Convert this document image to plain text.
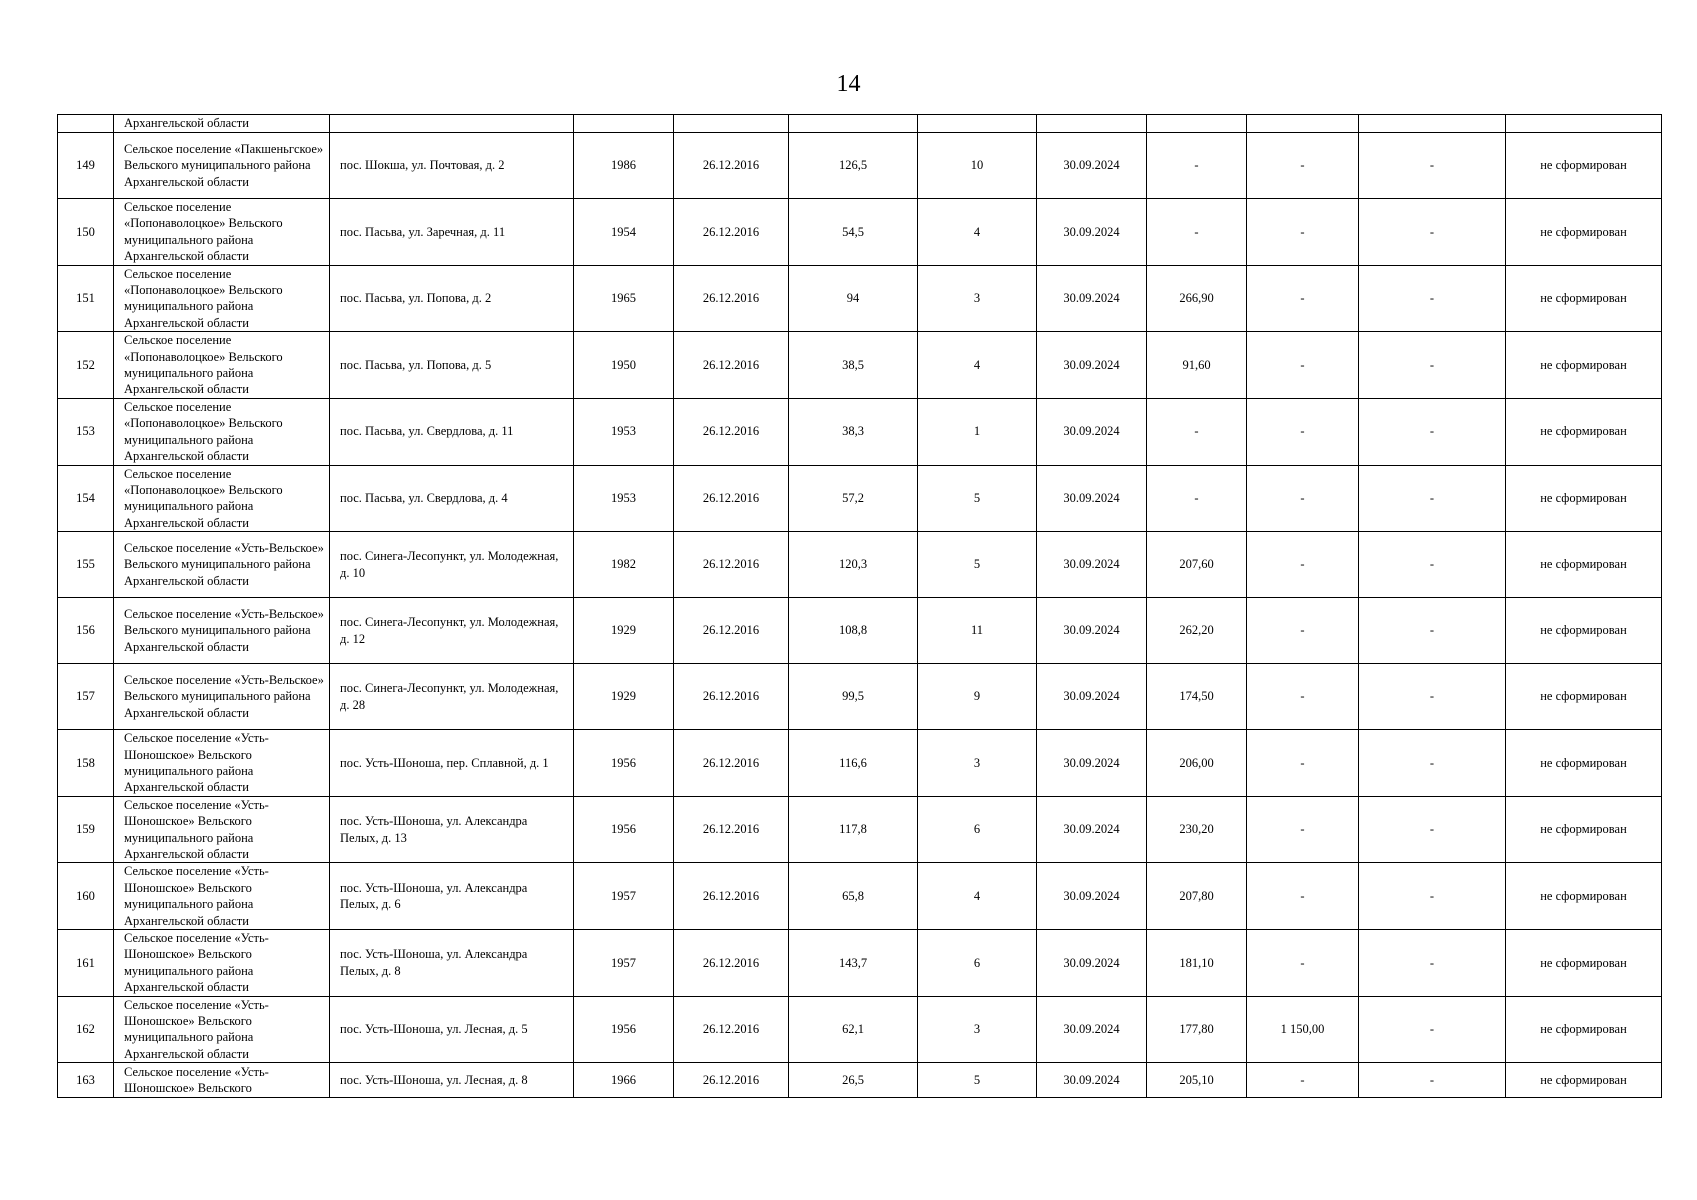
14

	Архангельской области										

149	Сельское поселение «Пакшеньгское» Вельского муниципального района Архангельской области	пос. Шокша, ул. Почтовая, д. 2	1986	26.12.2016	126,5	10	30.09.2024	-	-	-	не сформирован
150	Сельское поселение «Попонаволоцкое» Вельского муниципального района Архангельской области	пос. Пасьва, ул. Заречная, д. 11	1954	26.12.2016	54,5	4	30.09.2024	-	-	-	не сформирован
151	Сельское поселение «Попонаволоцкое» Вельского муниципального района Архангельской области	пос. Пасьва, ул. Попова, д. 2	1965	26.12.2016	94	3	30.09.2024	266,90	-	-	не сформирован
152	Сельское поселение «Попонаволоцкое» Вельского муниципального района Архангельской области	пос. Пасьва, ул. Попова, д. 5	1950	26.12.2016	38,5	4	30.09.2024	91,60	-	-	не сформирован
153	Сельское поселение «Попонаволоцкое» Вельского муниципального района Архангельской области	пос. Пасьва, ул. Свердлова, д. 11	1953	26.12.2016	38,3	1	30.09.2024	-	-	-	не сформирован
154	Сельское поселение «Попонаволоцкое» Вельского муниципального района Архангельской области	пос. Пасьва, ул. Свердлова, д. 4	1953	26.12.2016	57,2	5	30.09.2024	-	-	-	не сформирован
155	Сельское поселение «Усть-Вельское» Вельского муниципального района Архангельской области	пос. Синега-Лесопункт, ул. Молодежная, д. 10	1982	26.12.2016	120,3	5	30.09.2024	207,60	-	-	не сформирован
156	Сельское поселение «Усть-Вельское» Вельского муниципального района Архангельской области	пос. Синега-Лесопункт, ул. Молодежная, д. 12	1929	26.12.2016	108,8	11	30.09.2024	262,20	-	-	не сформирован
157	Сельское поселение «Усть-Вельское» Вельского муниципального района Архангельской области	пос. Синега-Лесопункт, ул. Молодежная, д. 28	1929	26.12.2016	99,5	9	30.09.2024	174,50	-	-	не сформирован
158	Сельское поселение «Усть-Шоношское» Вельского муниципального района Архангельской области	пос. Усть-Шоноша, пер. Сплавной, д. 1	1956	26.12.2016	116,6	3	30.09.2024	206,00	-	-	не сформирован
159	Сельское поселение «Усть-Шоношское» Вельского муниципального района Архангельской области	пос. Усть-Шоноша, ул. Александра Пелых, д. 13	1956	26.12.2016	117,8	6	30.09.2024	230,20	-	-	не сформирован
160	Сельское поселение «Усть-Шоношское» Вельского муниципального района Архангельской области	пос. Усть-Шоноша, ул. Александра Пелых, д. 6	1957	26.12.2016	65,8	4	30.09.2024	207,80	-	-	не сформирован
161	Сельское поселение «Усть-Шоношское» Вельского муниципального района Архангельской области	пос. Усть-Шоноша, ул. Александра Пелых, д. 8	1957	26.12.2016	143,7	6	30.09.2024	181,10	-	-	не сформирован
162	Сельское поселение «Усть-Шоношское» Вельского муниципального района Архангельской области	пос. Усть-Шоноша, ул. Лесная, д. 5	1956	26.12.2016	62,1	3	30.09.2024	177,80	1 150,00	-	не сформирован
163	Сельское поселение «Усть-Шоношское» Вельского	пос. Усть-Шоноша, ул. Лесная, д. 8	1966	26.12.2016	26,5	5	30.09.2024	205,10	-	-	не сформирован
